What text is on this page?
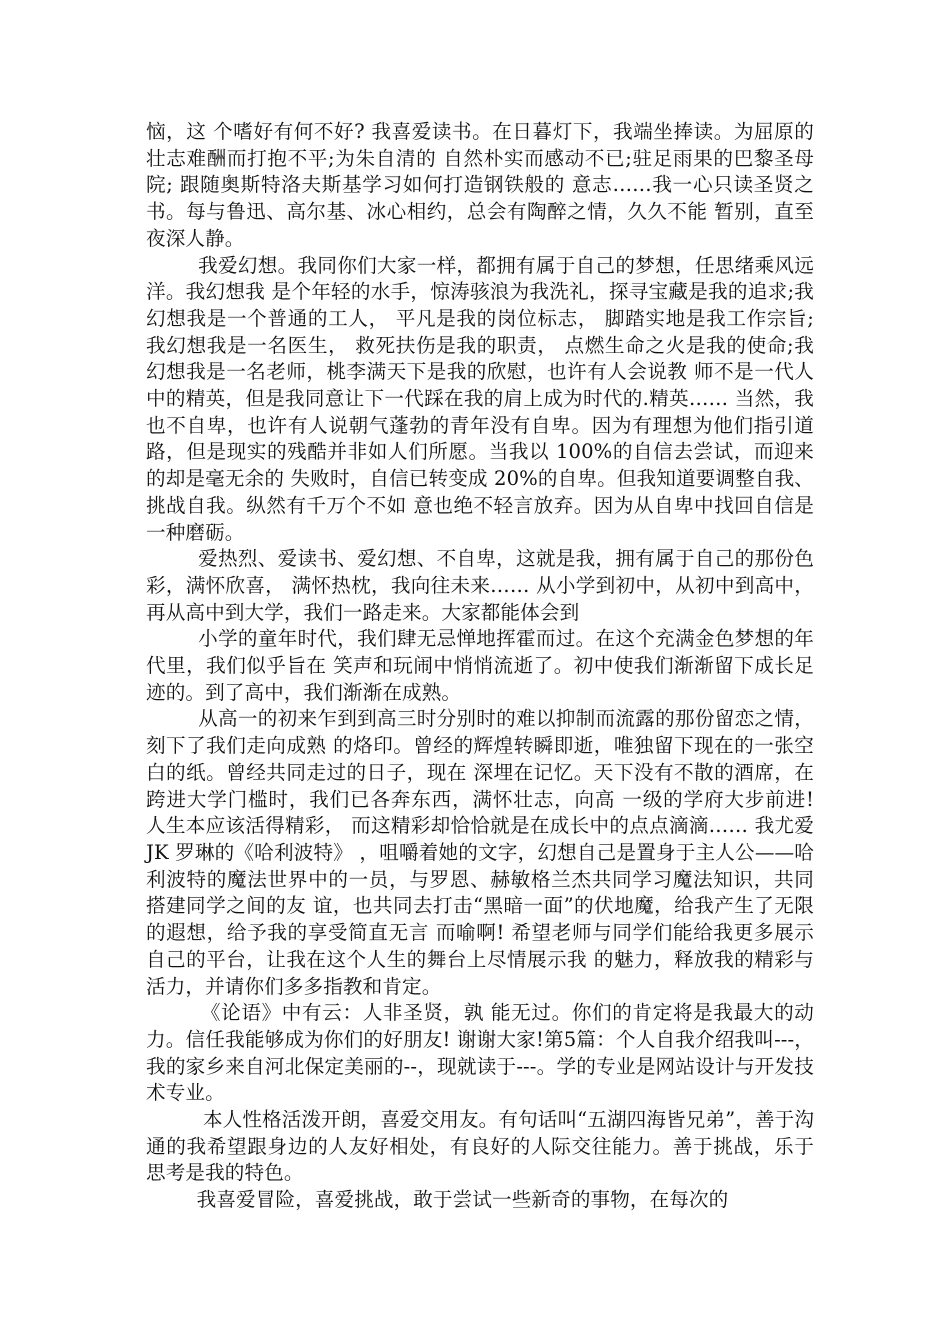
恼，这 个嗜好有何不好? 我喜爱读书。在日暮灯下，我端坐捧读。为屈原的壮志难酬而打抱不平;为朱自清的 自然朴实而感动不已;驻足雨果的巴黎圣母院; 跟随奥斯特洛夫斯基学习如何打造钢铁般的 意志……我一心只读圣贤之书。每与鲁迅、高尔基、冰心相约，总会有陶醉之情，久久不能 暂别，直至夜深人静。

我爱幻想。我同你们大家一样，都拥有属于自己的梦想，任思绪乘风远洋。我幻想我 是个年轻的水手，惊涛骇浪为我洗礼，探寻宝藏是我的追求;我幻想我是一个普通的工人， 平凡是我的岗位标志， 脚踏实地是我工作宗旨; 我幻想我是一名医生， 救死扶伤是我的职责， 点燃生命之火是我的使命;我幻想我是一名老师，桃李满天下是我的欣慰，也许有人会说教 师不是一代人中的精英，但是我同意让下一代踩在我的肩上成为时代的.精英…… 当然，我也不自卑，也许有人说朝气蓬勃的青年没有自卑。因为有理想为他们指引道 路，但是现实的残酷并非如人们所愿。当我以 100%的自信去尝试，而迎来的却是毫无余的 失败时，自信已转变成 20%的自卑。但我知道要调整自我、挑战自我。纵然有千万个不如 意也绝不轻言放弃。因为从自卑中找回自信是一种磨砺。

爱热烈、爱读书、爱幻想、不自卑，这就是我，拥有属于自己的那份色彩，满怀欣喜， 满怀热枕，我向往未来…… 从小学到初中，从初中到高中，再从高中到大学，我们一路走来。大家都能体会到

小学的童年时代，我们肆无忌惮地挥霍而过。在这个充满金色梦想的年代里，我们似乎旨在 笑声和玩闹中悄悄流逝了。初中使我们渐渐留下成长足迹的。到了高中，我们渐渐在成熟。

从高一的初来乍到到高三时分别时的难以抑制而流露的那份留恋之情， 刻下了我们走向成熟 的烙印。曾经的辉煌转瞬即逝，唯独留下现在的一张空白的纸。曾经共同走过的日子，现在 深埋在记忆。天下没有不散的酒席，在跨进大学门槛时，我们已各奔东西，满怀壮志，向高 一级的学府大步前进! 人生本应该活得精彩， 而这精彩却恰恰就是在成长中的点点滴滴…… 我尤爱 JK 罗琳的《哈利波特》 ，咀嚼着她的文字，幻想自己是置身于主人公——哈利波特的魔法世界中的一员，与罗恩、赫敏格兰杰共同学习魔法知识，共同搭建同学之间的友 谊，也共同去打击“黑暗一面”的伏地魔，给我产生了无限的遐想，给予我的享受简直无言 而喻啊! 希望老师与同学们能给我更多展示自己的平台，让我在这个人生的舞台上尽情展示我 的魅力，释放我的精彩与活力，并请你们多多指教和肯定。

《论语》中有云：人非圣贤，孰 能无过。你们的肯定将是我最大的动力。信任我能够成为你们的好朋友! 谢谢大家!第5篇：个人自我介绍我叫---，我的家乡来自河北保定美丽的--，现就读于---。学的专业是网站设计与开发技术专业。

本人性格活泼开朗，喜爱交用友。有句话叫“五湖四海皆兄弟”，善于沟通的我希望跟身边的人友好相处，有良好的人际交往能力。善于挑战，乐于思考是我的特色。

我喜爱冒险，喜爱挑战，敢于尝试一些新奇的事物，在每次的
